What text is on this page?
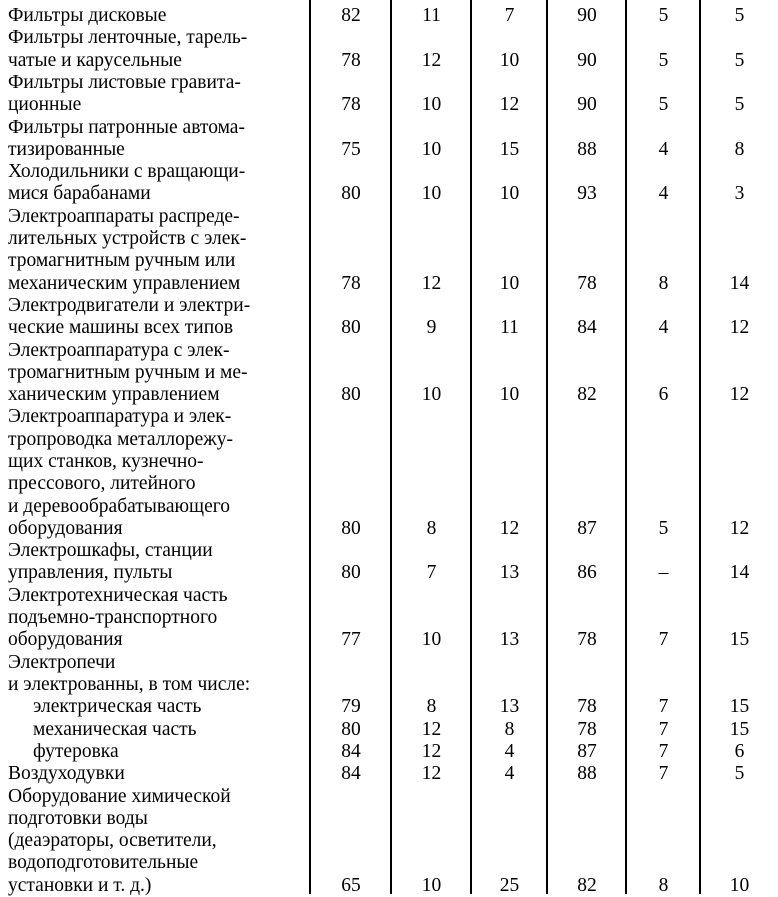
Фильтры дисковые	82	11	7	90	5	5
Фильтры ленточные, тарель-
чатые и карусельные	78	12	10	90	5	5
Фильтры листовые гравита-
ционные	78	10	12	90	5	5
Фильтры патронные автома-
тизированные	75	10	15	88	4	8
Холодильники с вращающи-
мися барабанами	80	10	10	93	4	3
Электроаппараты распреде-
лительных устройств с элек-
тромагнитным ручным или
механическим управлением	78	12	10	78	8	14
Электродвигатели и электри-
ческие машины всех типов	80	9	11	84	4	12
Электроаппаратура с элек-
тромагнитным ручным и ме-
ханическим управлением	80	10	10	82	6	12
Электроаппаратура и элек-
тропроводка металлорежу-
щих станков, кузнечно-
прессового, литейного
и деревообрабатывающего
оборудования	80	8	12	87	5	12
Электрошкафы, станции
управления, пульты	80	7	13	86	–	14
Электротехническая часть
подъемно-транспортного
оборудования	77	10	13	78	7	15
Электропечи
и электрованны, в том числе:
электрическая часть	79	8	13	78	7	15
механическая часть	80	12	8	78	7	15
футеровка	84	12	4	87	7	6
Воздуходувки	84	12	4	88	7	5
Оборудование химической
подготовки воды
(деаэраторы, осветители,
водоподготовительные
установки и т. д.)	65	10	25	82	8	10
